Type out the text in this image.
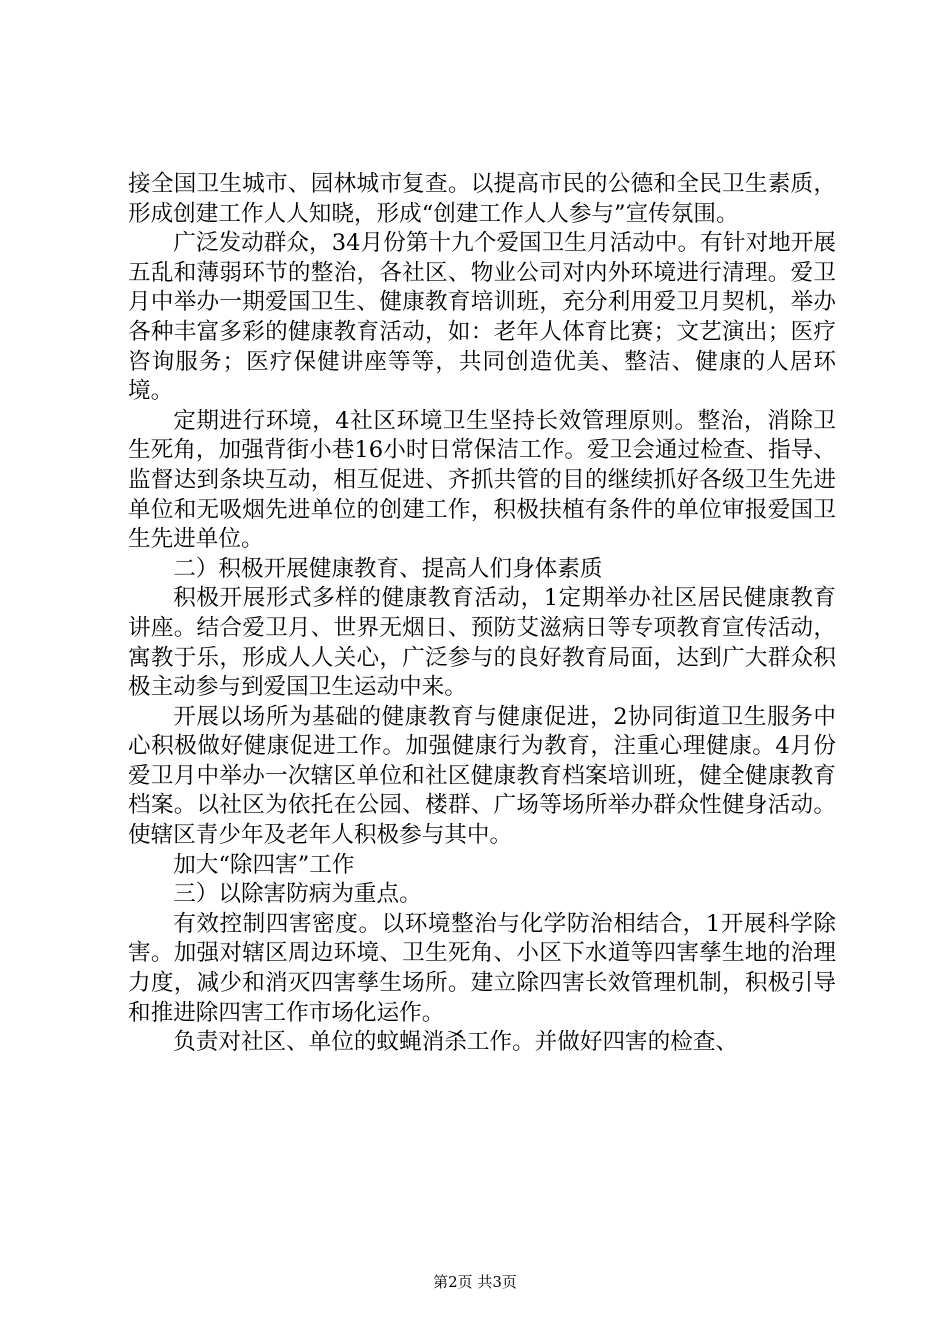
接全国卫生城市、园林城市复查。以提高市民的公德和全民卫生素质，形成创建工作人人知晓，形成“创建工作人人参与”宣传氛围。

广泛发动群众，34月份第十九个爱国卫生月活动中。有针对地开展五乱和薄弱环节的整治，各社区、物业公司对内外环境进行清理。爱卫月中举办一期爱国卫生、健康教育培训班，充分利用爱卫月契机，举办各种丰富多彩的健康教育活动，如：老年人体育比赛；文艺演出；医疗咨询服务；医疗保健讲座等等，共同创造优美、整洁、健康的人居环境。

定期进行环境，4社区环境卫生坚持长效管理原则。整治，消除卫生死角，加强背街小巷16小时日常保洁工作。爱卫会通过检查、指导、监督达到条块互动，相互促进、齐抓共管的目的继续抓好各级卫生先进单位和无吸烟先进单位的创建工作，积极扶植有条件的单位审报爱国卫生先进单位。

二）积极开展健康教育、提高人们身体素质

积极开展形式多样的健康教育活动，1定期举办社区居民健康教育讲座。结合爱卫月、世界无烟日、预防艾滋病日等专项教育宣传活动，寓教于乐，形成人人关心，广泛参与的良好教育局面，达到广大群众积极主动参与到爱国卫生运动中来。

开展以场所为基础的健康教育与健康促进，2协同街道卫生服务中心积极做好健康促进工作。加强健康行为教育，注重心理健康。4月份爱卫月中举办一次辖区单位和社区健康教育档案培训班，健全健康教育档案。以社区为依托在公园、楼群、广场等场所举办群众性健身活动。使辖区青少年及老年人积极参与其中。

加大“除四害”工作

三）以除害防病为重点。

有效控制四害密度。以环境整治与化学防治相结合，1开展科学除害。加强对辖区周边环境、卫生死角、小区下水道等四害孳生地的治理力度，减少和消灭四害孳生场所。建立除四害长效管理机制，积极引导和推进除四害工作市场化运作。

负责对社区、单位的蚊蝇消杀工作。并做好四害的检查、

第2页 共3页
